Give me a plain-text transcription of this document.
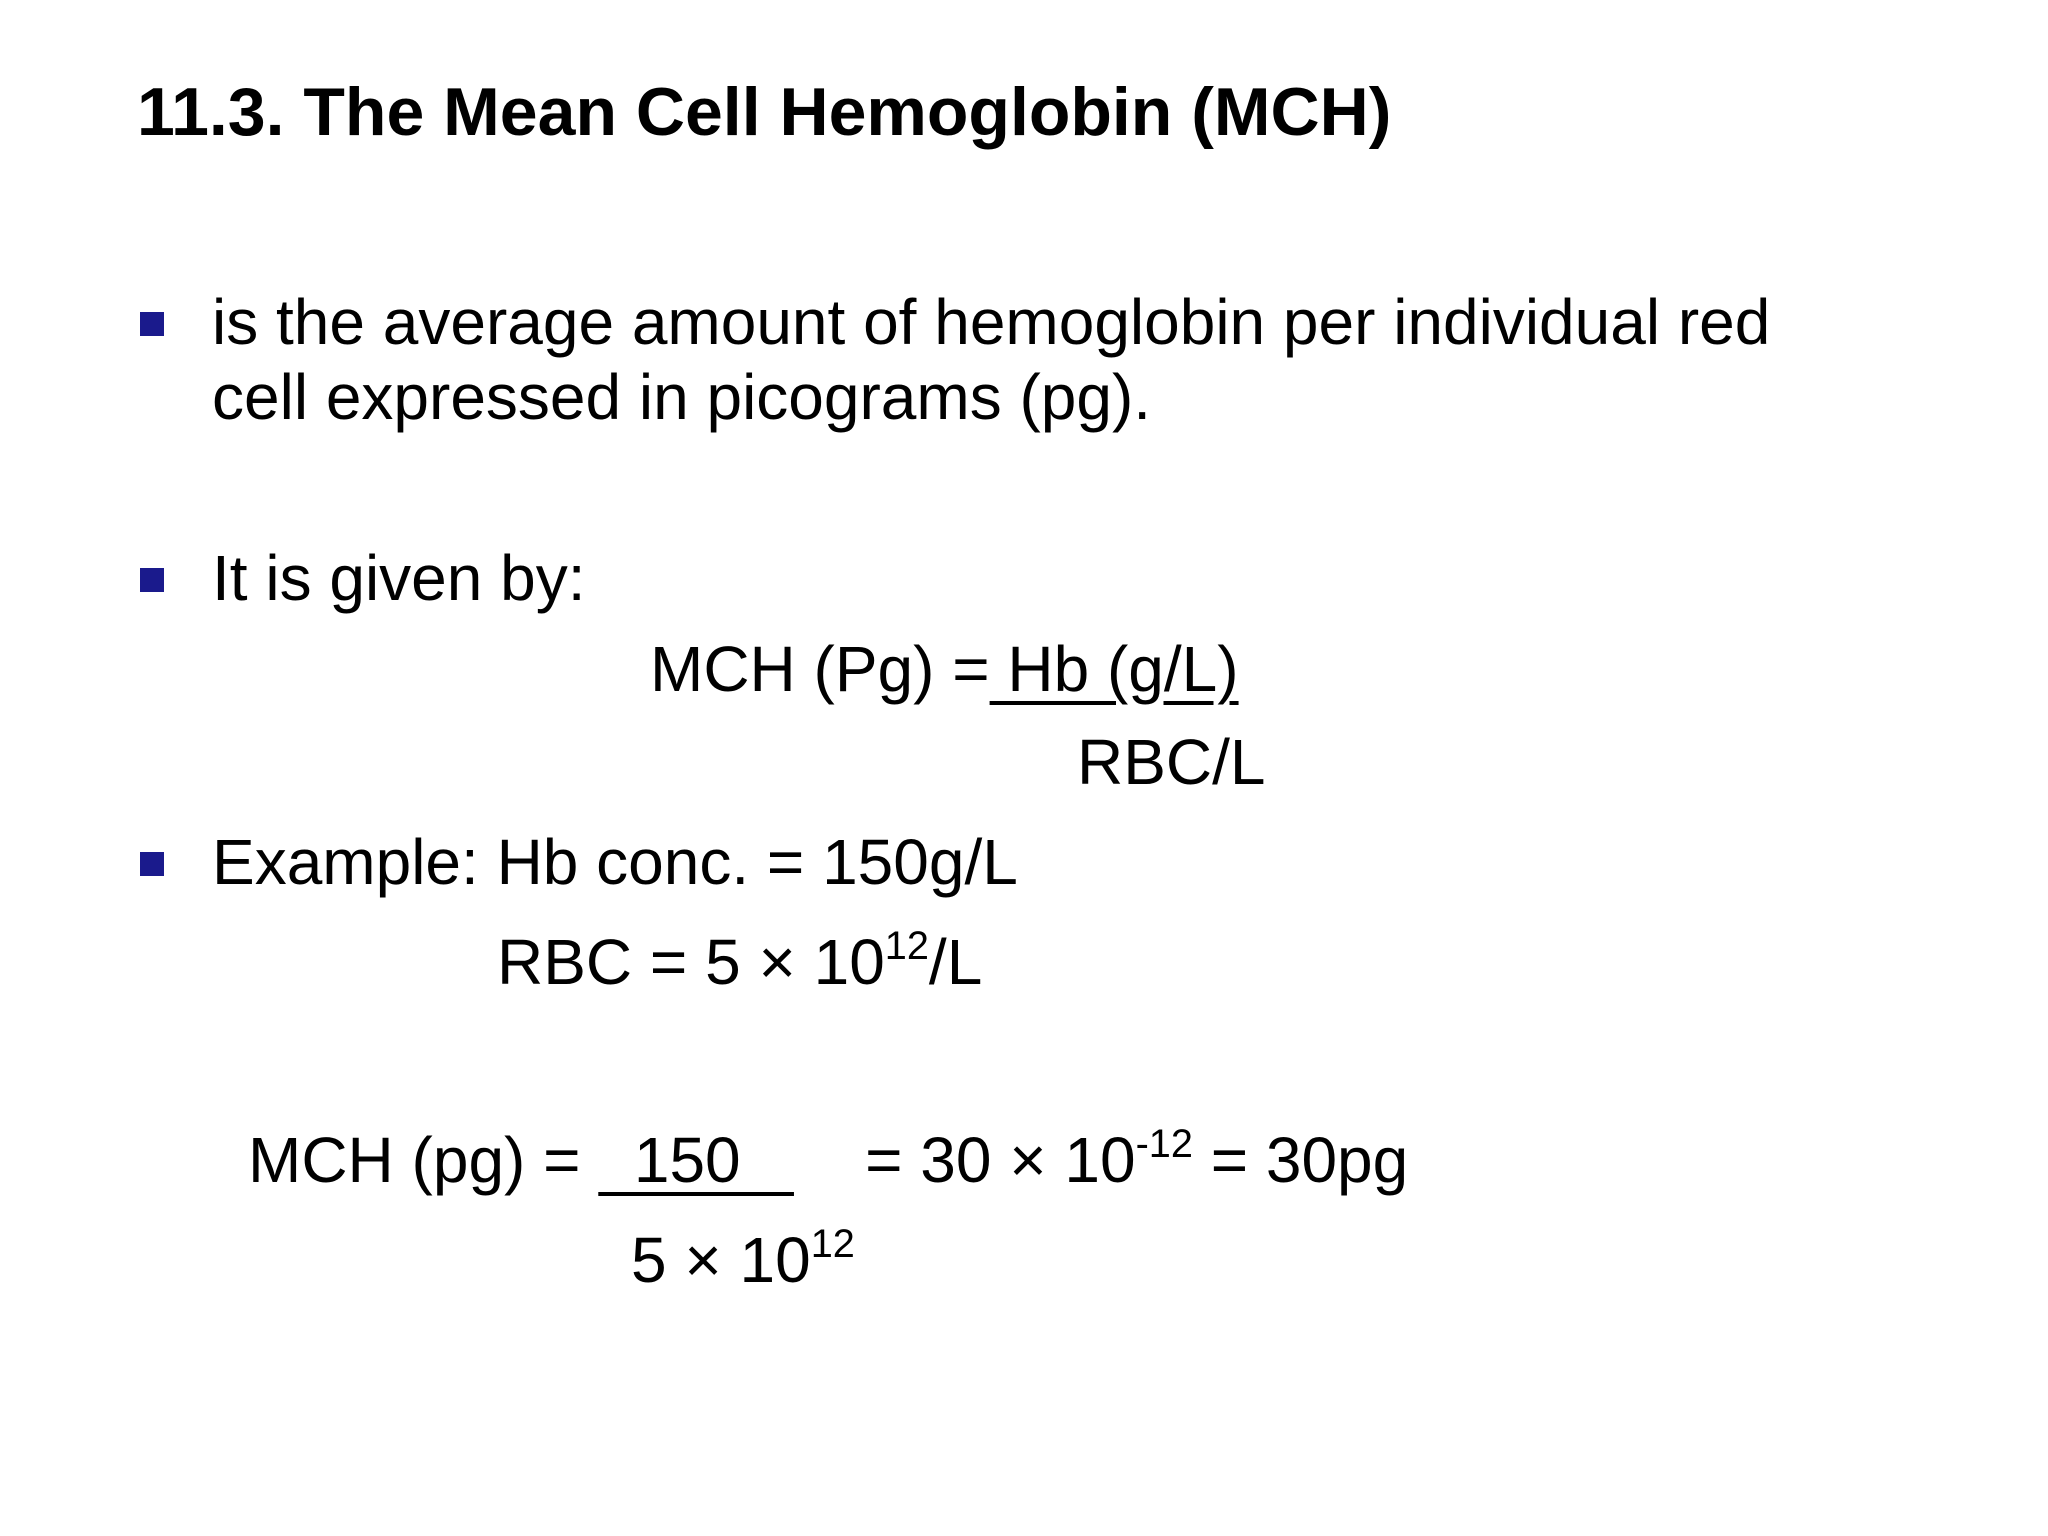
11.3. The Mean Cell Hemoglobin (MCH)
is the average amount of hemoglobin per individual red
cell expressed in picograms (pg).
It is given by:
MCH (Pg) = Hb (g/L)
RBC/L
Example: Hb conc. = 150g/L
RBC = $5 \times 10^{12}/L$
MCH (pg) =   150       = $30 \times 10^{-12} = 30pg$
$5 \times 10^{12}$
